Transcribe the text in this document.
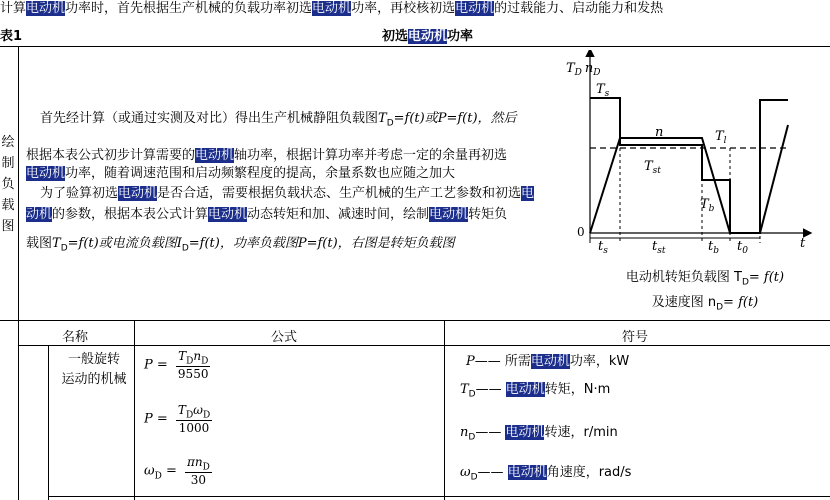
计算电动机功率时，首先根据生产机械的负载功率初选电动机功率，再校核初选电动机的过载能力、启动能力和发热
表1	初选电动机功率
绘
制
负
载
图
首先经计算（或通过实测及对比）得出生产机械静阻负载图$T_D=f(t)$或P=f(t)，然后
根据本表公式初步计算需要的电动机轴功率，根据计算功率并考虑一定的余量再初选
电动机功率，随着调速范围和启动频繁程度的提高，余量系数也应随之加大
为了验算初选电动机是否合适，需要根据负载状态、生产机械的生产工艺参数和初选电
动机的参数，根据本表公式计算电动机动态转矩和加、减速时间，绘制电动机转矩负
载图$T_D=f(t)$或电流负载图$I_D=f(t)$，功率负载图P=f(t)，右图是转矩负载图
$T_D$ $n_D$
0
t
$T_s$
n	$T_l$
$T_{st}$
$T_b$
$t_s$	$t_{st}$	$t_b$ $t_0$
电动机转矩负载图 $T_D= f(t)$
及速度图 $n_D= f(t)$
名称	公式	符号
一般旋转
运动的机械
$P = \frac{T_Dn_D}{9550}$
$P = \frac{T_D\omega_D}{1000}$
$\omega_D = \frac{\pi n_D}{30}$
P—— 所需电动机功率，kW
$T_D——$ 电动机转矩，N·m
$n_D——$ 电动机转速，r/min
$\omega_D——$ 电动机角速度，rad/s
